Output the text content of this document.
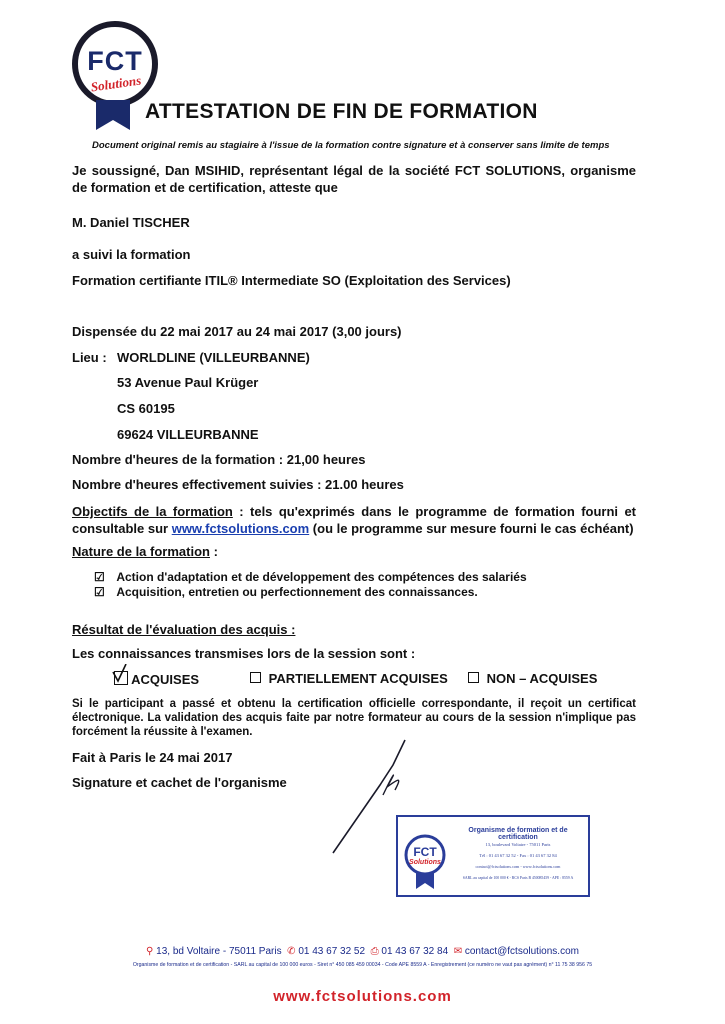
FCT
Solutions
ATTESTATION DE FIN DE FORMATION
Document original remis au stagiaire à l'issue de la formation contre signature et à conserver sans limite de temps
Je soussigné, Dan MSIHID, représentant légal de la société FCT SOLUTIONS, organisme de formation et de certification, atteste que
M. Daniel TISCHER
a suivi la formation
Formation certifiante ITIL® Intermediate SO (Exploitation des Services)
Dispensée du 22 mai 2017 au 24 mai 2017 (3,00 jours)
Lieu : WORLDLINE (VILLEURBANNE)
53 Avenue Paul Krüger
CS 60195
69624 VILLEURBANNE
Nombre d'heures de la formation : 21,00 heures
Nombre d'heures effectivement suivies : 21.00 heures
Objectifs de la formation : tels qu'exprimés dans le programme de formation fourni et consultable sur www.fctsolutions.com (ou le programme sur mesure fourni le cas échéant)
Nature de la formation :
☑ Action d'adaptation et de développement des compétences des salariés
☑ Acquisition, entretien ou perfectionnement des connaissances.
Résultat de l'évaluation des acquis :
Les connaissances transmises lors de la session sont :
ACQUISES	PARTIELLEMENT ACQUISES	NON – ACQUISES
Si le participant a passé et obtenu la certification officielle correspondante, il reçoit un certificat électronique. La validation des acquis faite par notre formateur au cours de la session n'implique pas forcément la réussite à l'examen.
Fait à Paris le 24 mai 2017
Signature et cachet de l'organisme
FCT
Solutions
Organisme de formation et de certification
13, boulevard Voltaire - 75011 Paris
Tél : 01 43 67 32 52 - Fax : 01 43 67 32 84
contact@fctsolutions.com - www.fctsolutions.com
SARL au capital de 100 000 € - RCS Paris B 450085459 - APE : 8559 A
⚲ 13, bd Voltaire - 75011 Paris ✆ 01 43 67 32 52 ⎙ 01 43 67 32 84 ✉ contact@fctsolutions.com
Organisme de formation et de certification - SARL au capital de 100 000 euros - Siret n° 450 085 459 00034 - Code APE 8559 A - Enregistrement (ce numéro ne vaut pas agrément) n° 11 75 38 956 75
www.fctsolutions.com
